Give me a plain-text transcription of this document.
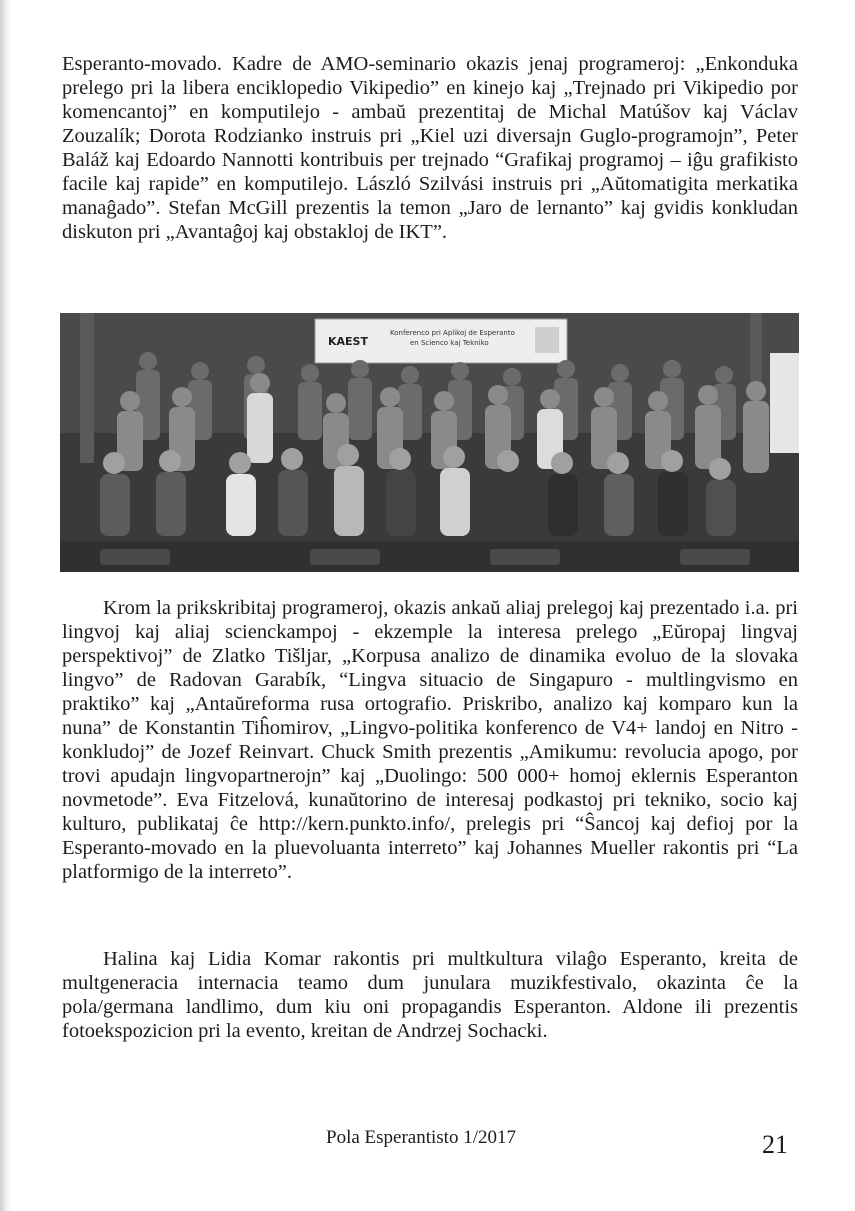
Esperanto-movado. Kadre de AMO-seminario okazis jenaj programeroj: „Enkonduka prelego pri la libera enciklopedio Vikipedio” en kinejo kaj „Trejnado pri Vikipedio por komencantoj” en komputilejo - ambaŭ prezentitaj de Michal Matúšov kaj Václav Zouzalík; Dorota Rodzianko instruis pri „Kiel uzi diversajn Guglo-programojn”, Peter Baláž kaj Edoardo Nannotti kontribuis per trejnado “Grafikaj programoj – iĝu grafikisto facile kaj rapide” en komputilejo. László Szilvási instruis pri „Aŭtomatigita merkatika manaĝado”. Stefan McGill prezentis la temon „Jaro de lernanto” kaj gvidis konkludan diskuton pri „Avantaĝoj kaj obstakloj de IKT”.

KAEST
Konferenco pri Aplikoj de Esperanto
en Scienco kaj Tekniko

Krom la prikskribitaj programeroj, okazis ankaŭ aliaj prelegoj kaj prezentado i.a. pri lingvoj kaj aliaj scienckampoj - ekzemple la interesa prelego „Eŭropaj lingvaj perspektivoj” de Zlatko Tišljar, „Korpusa analizo de dinamika evoluo de la slovaka lingvo” de Radovan Garabík, “Lingva situacio de Singapuro - multlingvismo en praktiko” kaj „Antaŭreforma rusa ortografio. Priskribo, analizo kaj komparo kun la nuna” de Konstantin Tiĥomirov, „Lingvo-politika konferenco de V4+ landoj en Nitro - konkludoj” de Jozef Reinvart. Chuck Smith prezentis „Amikumu: revolucia apogo, por trovi apudajn lingvopartnerojn” kaj „Duolingo: 500 000+ homoj eklernis Esperanton novmetode”. Eva Fitzelová, kunaŭtorino de interesaj podkastoj pri tekniko, socio kaj kulturo, publikataj ĉe http://kern.punkto.info/, prelegis pri “Ŝancoj kaj defioj por la Esperanto-movado en la pluevoluanta interreto” kaj Johannes Mueller rakontis pri “La platformigo de la interreto”.

Halina kaj Lidia Komar rakontis pri multkultura vilaĝo Esperanto, kreita de multgeneracia internacia teamo dum junulara muzikfestivalo, okazinta ĉe la pola/germana landlimo, dum kiu oni propagandis Esperanton. Aldone ili prezentis fotoekspozicion pri la evento, kreitan de Andrzej Sochacki.

Pola Esperantisto 1/2017	21
